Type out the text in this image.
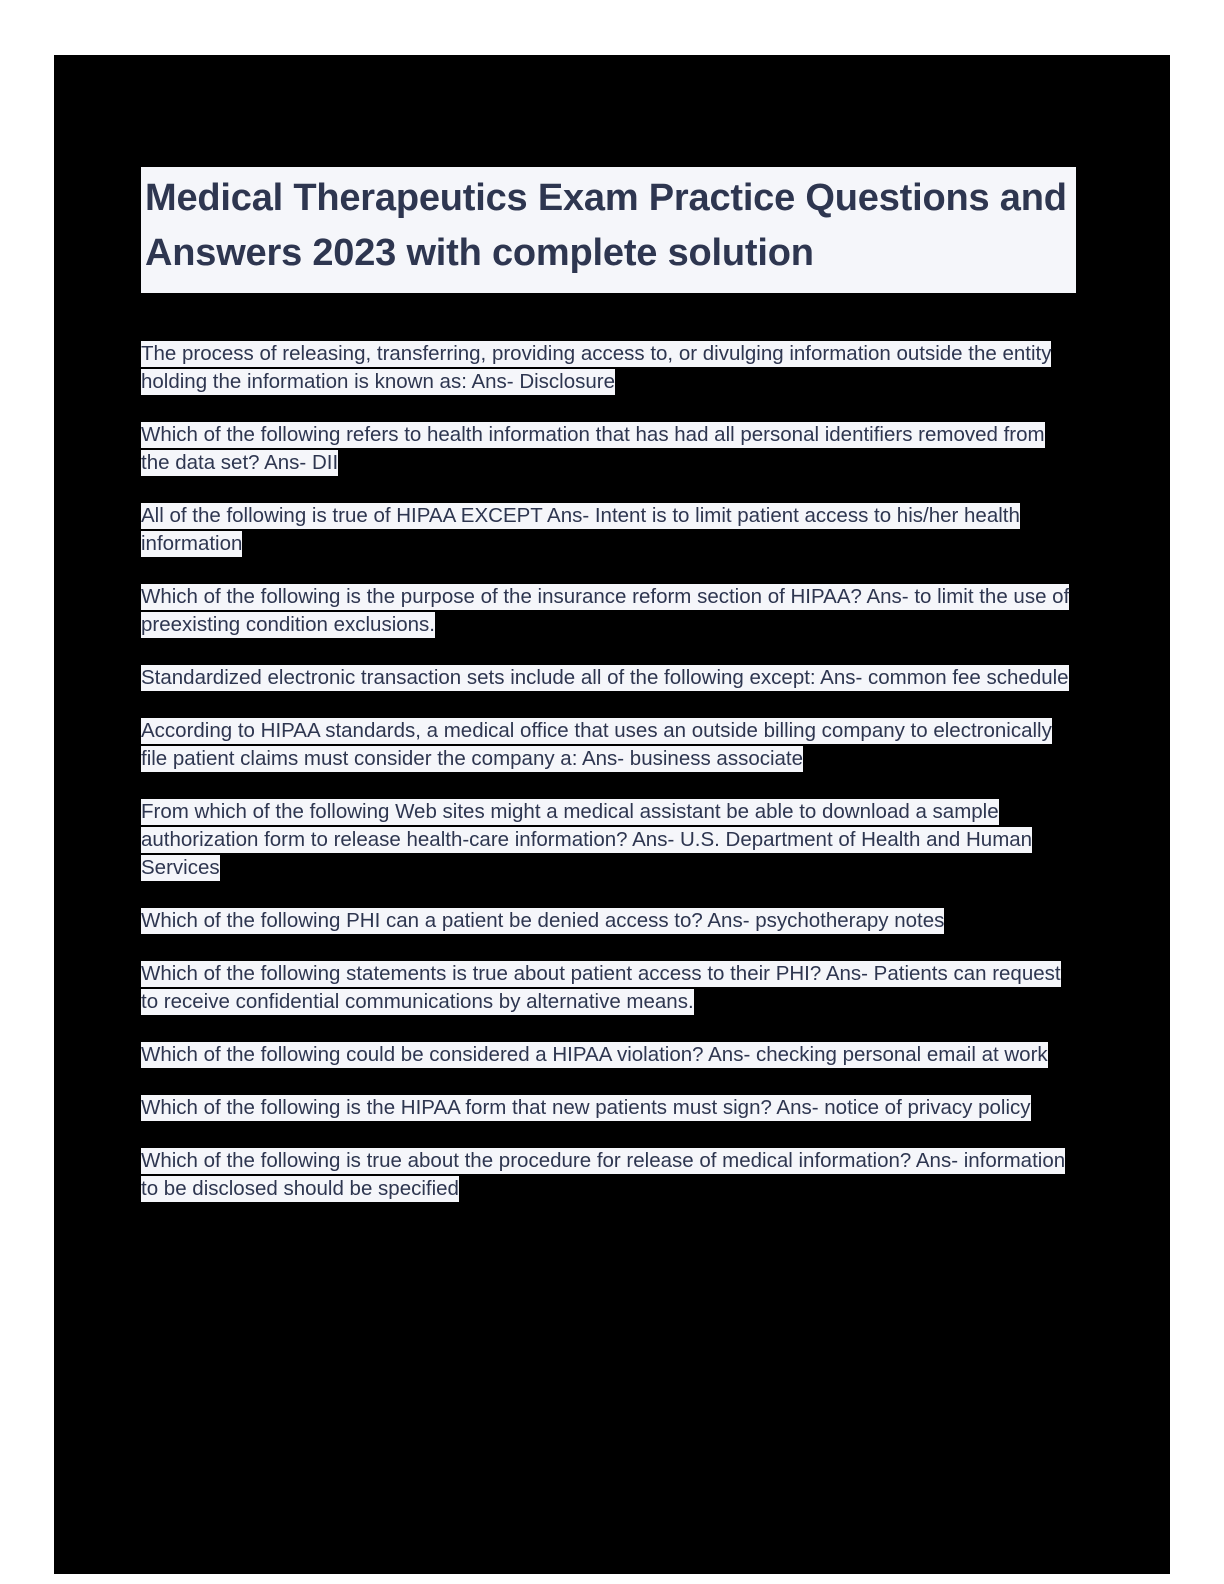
Medical Therapeutics Exam Practice Questions and Answers 2023 with complete solution
The process of releasing, transferring, providing access to, or divulging information outside the entity holding the information is known as: Ans- Disclosure
Which of the following refers to health information that has had all personal identifiers removed from the data set? Ans- DII
All of the following is true of HIPAA EXCEPT Ans- Intent is to limit patient access to his/her health information
Which of the following is the purpose of the insurance reform section of HIPAA? Ans- to limit the use of preexisting condition exclusions.
Standardized electronic transaction sets include all of the following except: Ans- common fee schedule
According to HIPAA standards, a medical office that uses an outside billing company to electronically file patient claims must consider the company a: Ans- business associate
From which of the following Web sites might a medical assistant be able to download a sample authorization form to release health-care information? Ans- U.S. Department of Health and Human Services
Which of the following PHI can a patient be denied access to? Ans- psychotherapy notes
Which of the following statements is true about patient access to their PHI? Ans- Patients can request to receive confidential communications by alternative means.
Which of the following could be considered a HIPAA violation? Ans- checking personal email at work
Which of the following is the HIPAA form that new patients must sign? Ans- notice of privacy policy
Which of the following is true about the procedure for release of medical information? Ans- information to be disclosed should be specified
